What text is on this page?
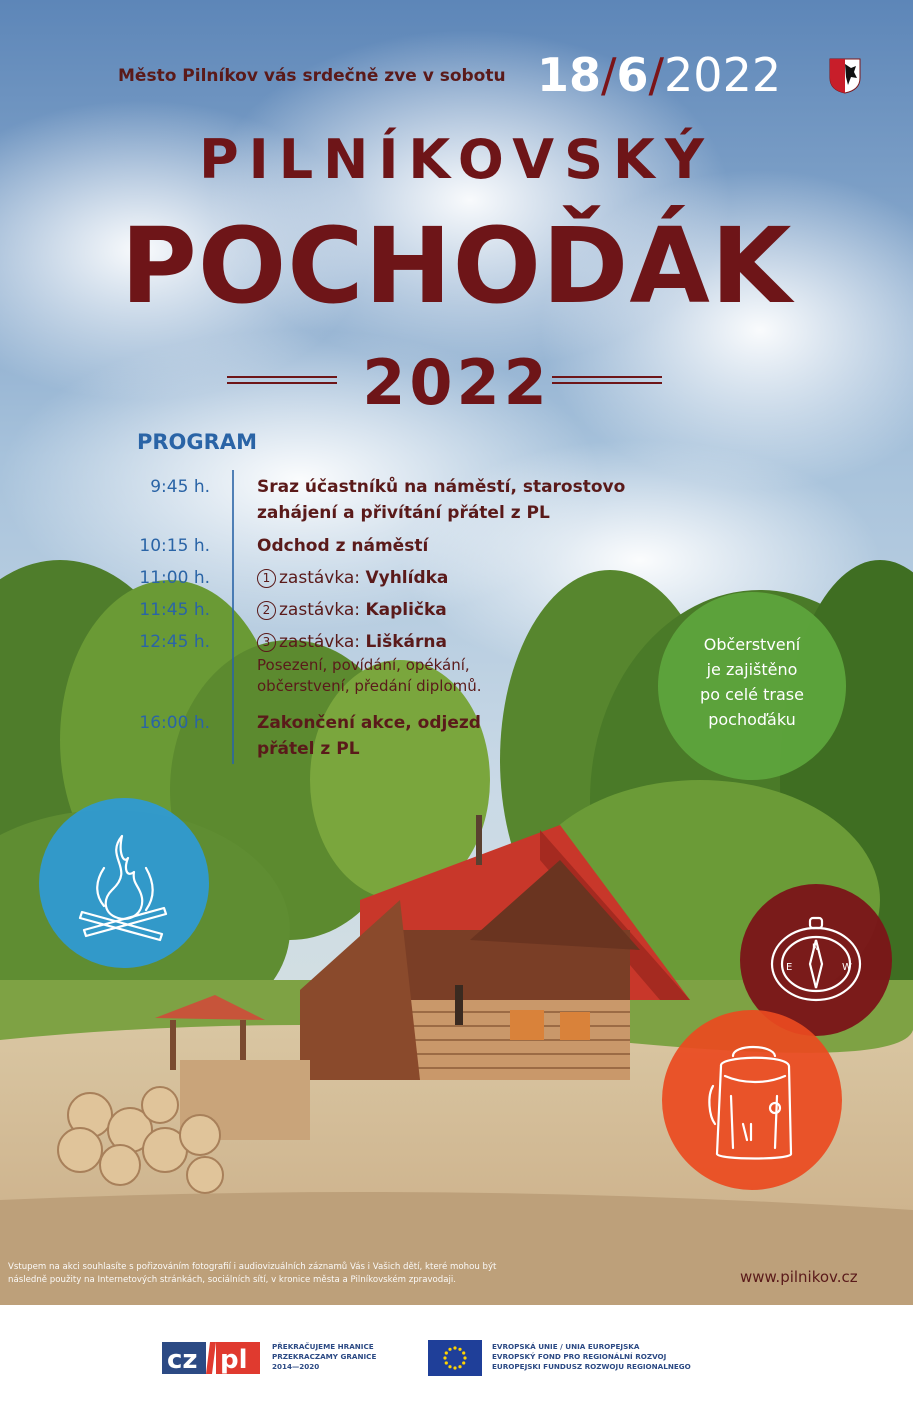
Město Pilníkov vás srdečně zve v sobotu 18/6/2022
PILNÍKOVSKÝ
POCHOĎÁK
2022
PROGRAM
9:45 h.	Sraz účastníků na náměstí, starostovo
zahájení a přivítání přátel z PL
10:15 h.	Odchod z náměstí
11:00 h.	1 zastávka: Vyhlídka
11:45 h.	2 zastávka: Kaplička
12:45 h.	3 zastávka: Liškárna
Posezení, povídání, opékání,
občerstvení, předání diplomů.
16:00 h.	Zakončení akce, odjezd
přátel z PL
Občerstvení
je zajištěno
po celé trase
pochoďáku
E	W
N
Vstupem na akci souhlasíte s pořizováním fotografií i audiovizuálních záznamů Vás i Vašich dětí, které mohou být
následně použity na Internetových stránkách, sociálních sítí, v kronice města a Pilníkovském zpravodaji.	www.pilnikov.cz
cz pl	PŘEKRAČUJEME HRANICE
PRZEKRACZAMY GRANICE
2014—2020
EVROPSKÁ UNIE / UNIA EUROPEJSKA
EVROPSKÝ FOND PRO REGIONÁLNÍ ROZVOJ
EUROPEJSKI FUNDUSZ ROZWOJU REGIONALNEGO
